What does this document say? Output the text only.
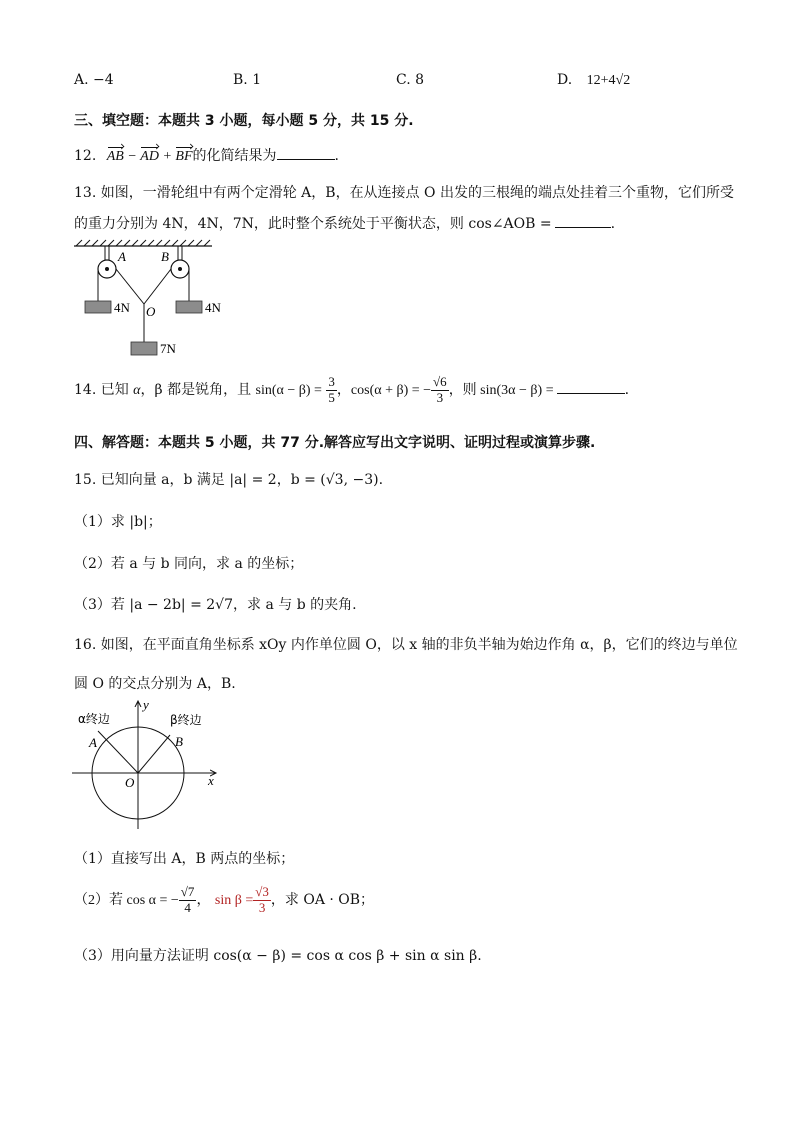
A. −4	B. 1	C. 8	D. 12+4√2
三、填空题：本题共 3 小题，每小题 5 分，共 15 分.
12. AB − AD + BF的化简结果为	.
13. 如图，一滑轮组中有两个定滑轮 A，B，在从连接点 O 出发的三根绳的端点处挂着三个重物，它们所受
的重力分别为 4N，4N，7N，此时整个系统处于平衡状态，则 cos∠AOB =	.
A	B
O
4N	4N
7N
14. 已知 α，β 都是锐角，且 $\sin(\alpha - \beta) = \frac{3}{5}$ ，cos(α + β) = − $\frac{√6}{3}$ ，则 sin(3α − β) =	.
四、解答题：本题共 5 小题，共 77 分.解答应写出文字说明、证明过程或演算步骤.
15. 已知向量 a，b 满足 |a| = 2，b = (√3, −3).
（1）求 |b|；
（2）若 a 与 b 同向，求 a 的坐标；
（3）若 |a − 2b| = 2√7，求 a 与 b 的夹角.
16. 如图，在平面直角坐标系 xOy 内作单位圆 O，以 x 轴的非负半轴为始边作角 α，β，它们的终边与单位
圆 O 的交点分别为 A，B.
y
x
O
A	B
α终边	β终边
（1）直接写出 A，B 两点的坐标；
（2）若 cos α = − $\frac{√7}{4}$ ， $\sin \beta = \frac{√3}{3}$ ，求 OA · OB；
（3）用向量方法证明 cos(α − β) = cos α cos β + sin α sin β.
